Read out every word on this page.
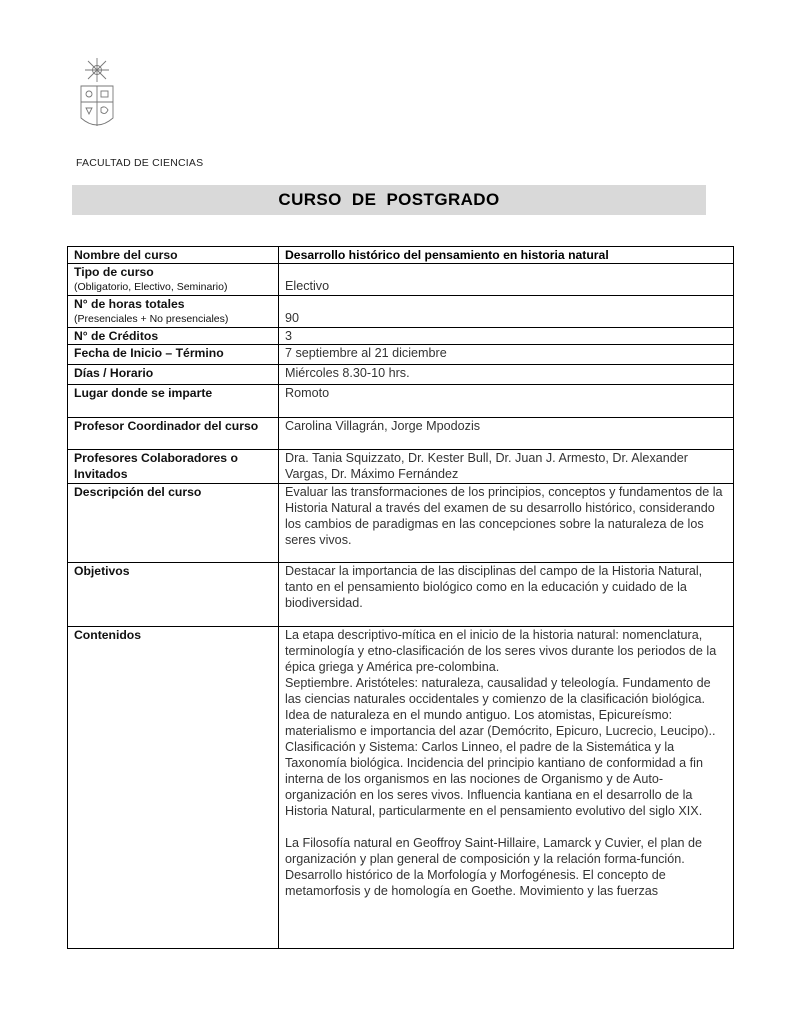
FACULTAD DE CIENCIAS
CURSO DE POSTGRADO
Nombre del curso	Desarrollo histórico del pensamiento en historia natural
Tipo de curso
(Obligatorio, Electivo, Seminario)	Electivo
N° de horas totales
(Presenciales + No presenciales)	90
N° de Créditos	3
Fecha de Inicio – Término	7 septiembre al 21 diciembre
Días / Horario	Miércoles 8.30-10 hrs.
Lugar donde se imparte	Romoto
Profesor Coordinador del curso	Carolina Villagrán, Jorge Mpodozis
Profesores Colaboradores o Invitados	Dra. Tania Squizzato, Dr. Kester Bull, Dr. Juan J. Armesto, Dr. Alexander Vargas, Dr. Máximo Fernández
Descripción del curso	Evaluar las transformaciones de los principios, conceptos y fundamentos de la Historia Natural a través del examen de su desarrollo histórico, considerando los cambios de paradigmas en las concepciones sobre la naturaleza de los seres vivos.
Objetivos	Destacar la importancia de las disciplinas del campo de la Historia Natural, tanto en el pensamiento biológico como en la educación y cuidado de la biodiversidad.
Contenidos	La etapa descriptivo-mítica en el inicio de la historia natural: nomenclatura, terminología y etno-clasificación de los seres vivos durante los periodos de la épica griega y América pre-colombina.
Septiembre. Aristóteles: naturaleza, causalidad y teleología. Fundamento de las ciencias naturales occidentales y comienzo de la clasificación biológica.
Idea de naturaleza en el mundo antiguo. Los atomistas, Epicureísmo: materialismo e importancia del azar (Demócrito, Epicuro, Lucrecio, Leucipo).. Clasificación y Sistema: Carlos Linneo, el padre de la Sistemática y la Taxonomía biológica. Incidencia del principio kantiano de conformidad a fin interna de los organismos en las nociones de Organismo y de Auto-organización en los seres vivos. Influencia kantiana en el desarrollo de la Historia Natural, particularmente en el pensamiento evolutivo del siglo XIX.
La Filosofía natural en Geoffroy Saint-Hillaire, Lamarck y Cuvier, el plan de organización y plan general de composición y la relación forma-función.
Desarrollo histórico de la Morfología y Morfogénesis. El concepto de metamorfosis y de homología en Goethe. Movimiento y las fuerzas
